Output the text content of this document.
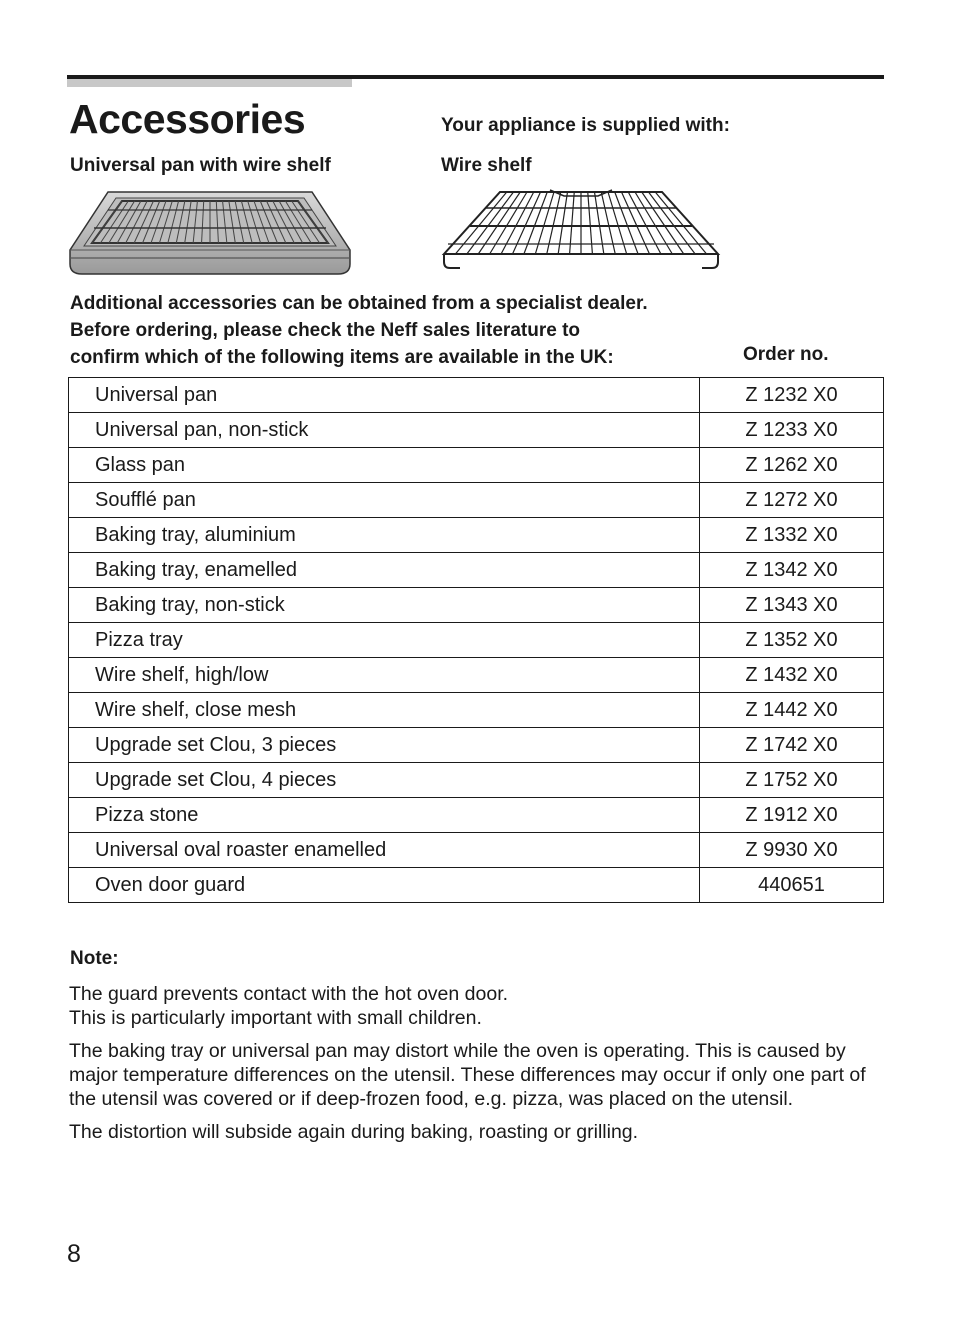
Accessories	Your appliance is supplied with:
Universal pan with wire shelf	Wire shelf
Additional accessories can be obtained from a specialist dealer.
Before ordering, please check the Neff sales literature to
confirm which of the following items are available in the UK:	Order no.
Universal pan	Z 1232 X0
Universal pan, non-stick	Z 1233 X0
Glass pan	Z 1262 X0
Soufflé pan	Z 1272 X0
Baking tray, aluminium	Z 1332 X0
Baking tray, enamelled	Z 1342 X0
Baking tray, non-stick	Z 1343 X0
Pizza tray	Z 1352 X0
Wire shelf, high/low	Z 1432 X0
Wire shelf, close mesh	Z 1442 X0
Upgrade set Clou, 3 pieces	Z 1742 X0
Upgrade set Clou, 4 pieces	Z 1752 X0
Pizza stone	Z 1912 X0
Universal oval roaster enamelled	Z 9930 X0
Oven door guard	440651
Note:

The guard prevents contact with the hot oven door.
This is particularly important with small children.

The baking tray or universal pan may distort while the oven is operating. This is caused by major temperature differences on the utensil. These differences may occur if only one part of the utensil was covered or if deep-frozen food, e.g. pizza, was placed on the utensil.

The distortion will subside again during baking, roasting or grilling.

8
